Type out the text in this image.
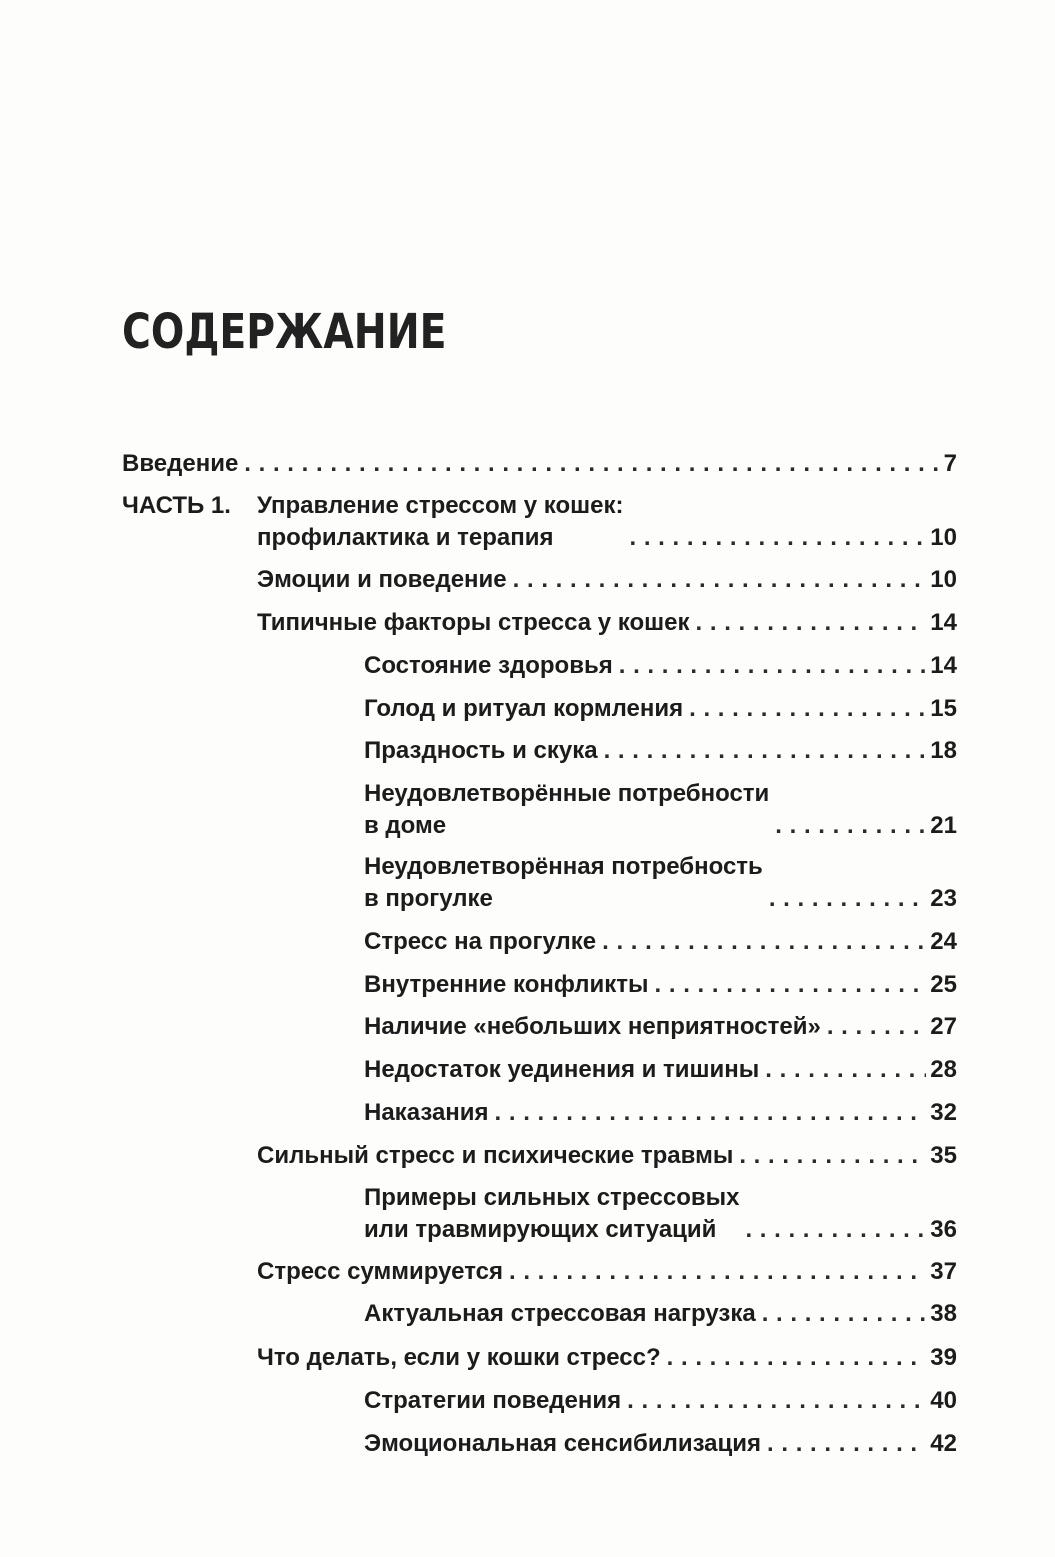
СОДЕРЖАНИЕ
Введение . . .	7
ЧАСТЬ 1. Управление стрессом у кошек:
профилактика и терапия . . .	10
Эмоции и поведение . . .	10
Типичные факторы стресса у кошек . . .	14
Состояние здоровья . . .	14
Голод и ритуал кормления . . .	15
Праздность и скука . . .	18
Неудовлетворённые потребности
в доме . . .	21
Неудовлетворённая потребность
в прогулке . . .	23
Стресс на прогулке . . .	24
Внутренние конфликты . . .	25
Наличие «небольших неприятностей» . . .	27
Недостаток уединения и тишины . . .	28
Наказания . . .	32
Сильный стресс и психические травмы . . .	35
Примеры сильных стрессовых
или травмирующих ситуаций . . .	36
Стресс суммируется . . .	37
Актуальная стрессовая нагрузка . . .	38
Что делать, если у кошки стресс? . . .	39
Стратегии поведения . . .	40
Эмоциональная сенсибилизация . . .	42
